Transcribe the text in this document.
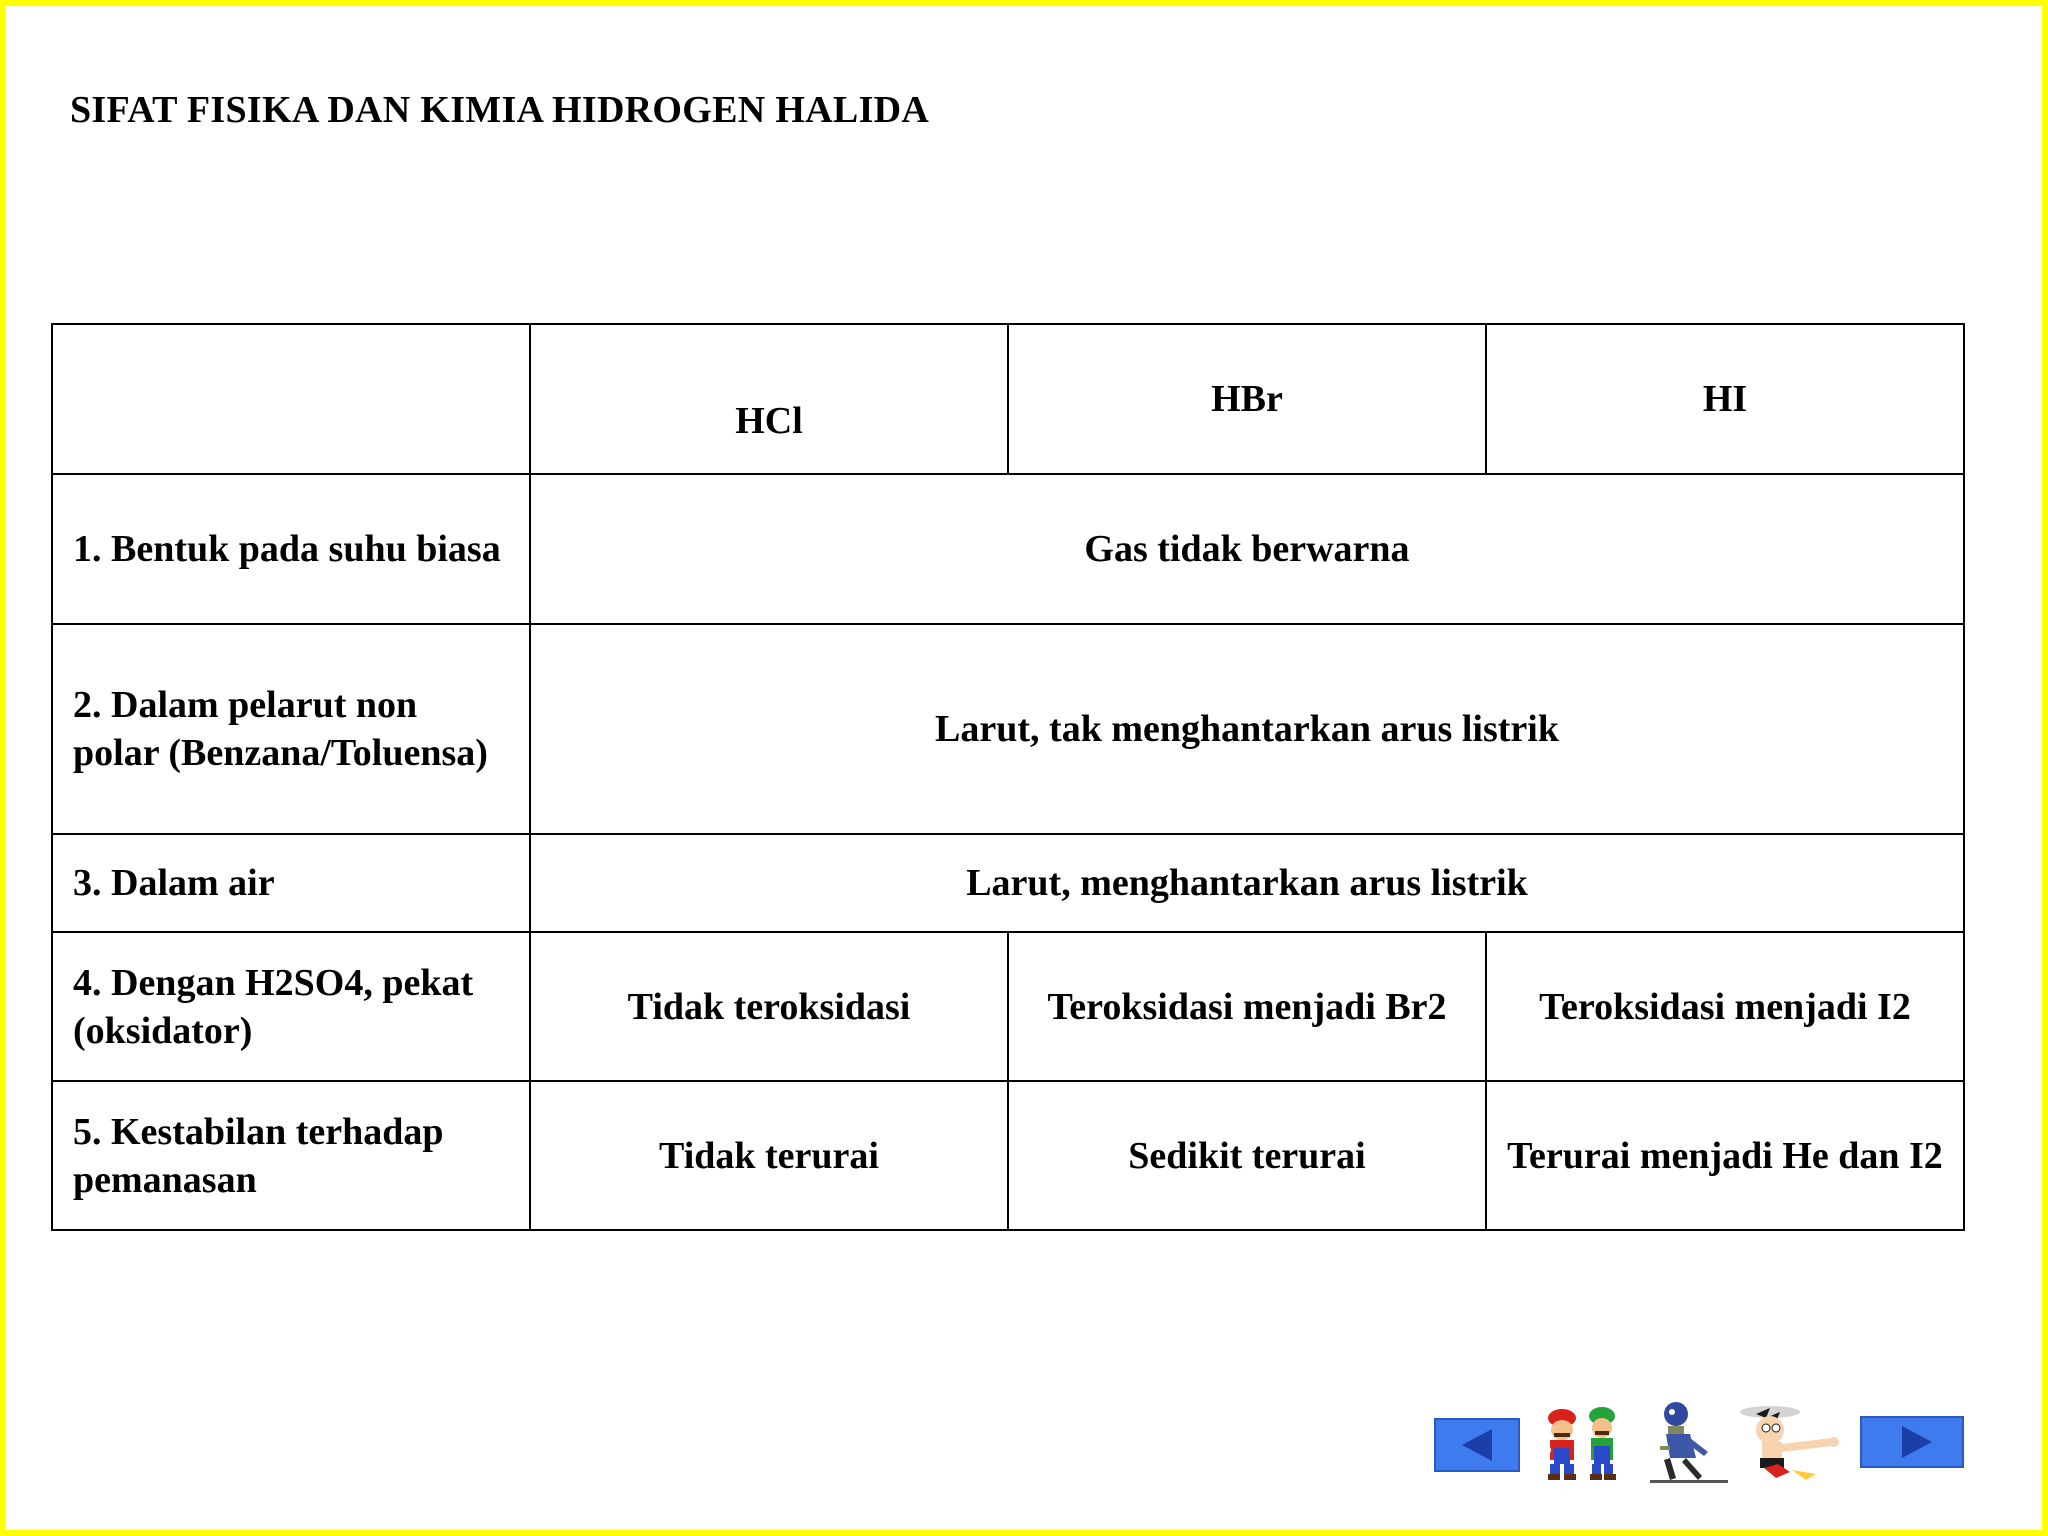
SIFAT FISIKA DAN KIMIA HIDROGEN HALIDA
	HCl	HBr	HI
1. Bentuk pada suhu biasa	Gas tidak berwarna		
2. Dalam pelarut non polar (Benzana/Toluensa)	Larut, tak menghantarkan arus listrik		
3. Dalam air	Larut, menghantarkan arus listrik		
4. Dengan H2SO4, pekat (oksidator)	Tidak teroksidasi	Teroksidasi menjadi Br2	Teroksidasi menjadi I2
5. Kestabilan terhadap pemanasan	Tidak terurai	Sedikit terurai	Terurai menjadi He dan I2
